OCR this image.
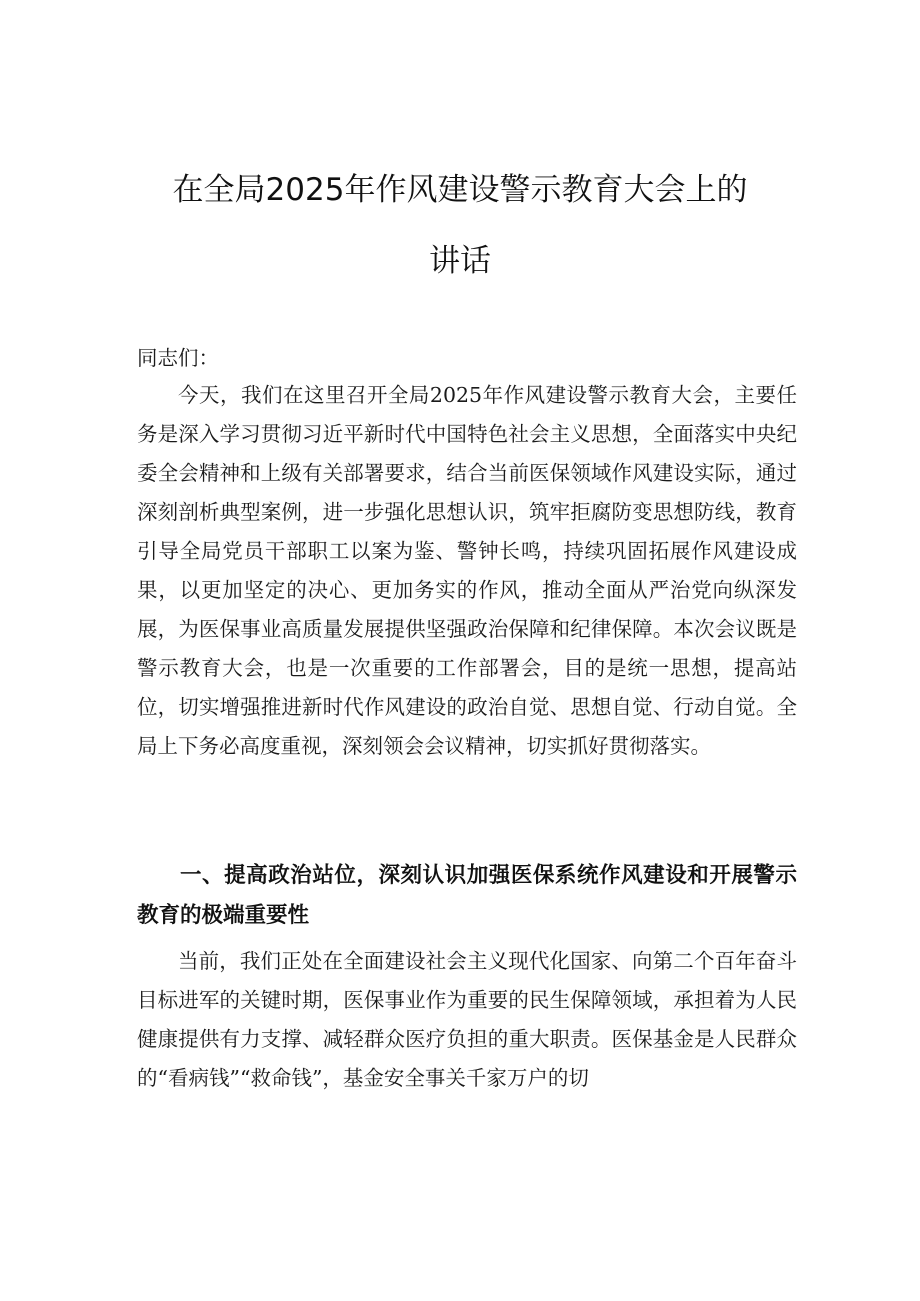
在全局2025年作风建设警示教育大会上的
讲话
同志们：

今天，我们在这里召开全局2025年作风建设警示教育大会，主要任务是深入学习贯彻习近平新时代中国特色社会主义思想，全面落实中央纪委全会精神和上级有关部署要求，结合当前医保领域作风建设实际，通过深刻剖析典型案例，进一步强化思想认识，筑牢拒腐防变思想防线，教育引导全局党员干部职工以案为鉴、警钟长鸣，持续巩固拓展作风建设成果，以更加坚定的决心、更加务实的作风，推动全面从严治党向纵深发展，为医保事业高质量发展提供坚强政治保障和纪律保障。本次会议既是警示教育大会，也是一次重要的工作部署会，目的是统一思想，提高站位，切实增强推进新时代作风建设的政治自觉、思想自觉、行动自觉。全局上下务必高度重视，深刻领会会议精神，切实抓好贯彻落实。

一、提高政治站位，深刻认识加强医保系统作风建设和开展警示教育的极端重要性

当前，我们正处在全面建设社会主义现代化国家、向第二个百年奋斗目标进军的关键时期，医保事业作为重要的民生保障领域，承担着为人民健康提供有力支撑、减轻群众医疗负担的重大职责。医保基金是人民群众的“看病钱”“救命钱”，基金安全事关千家万户的切
